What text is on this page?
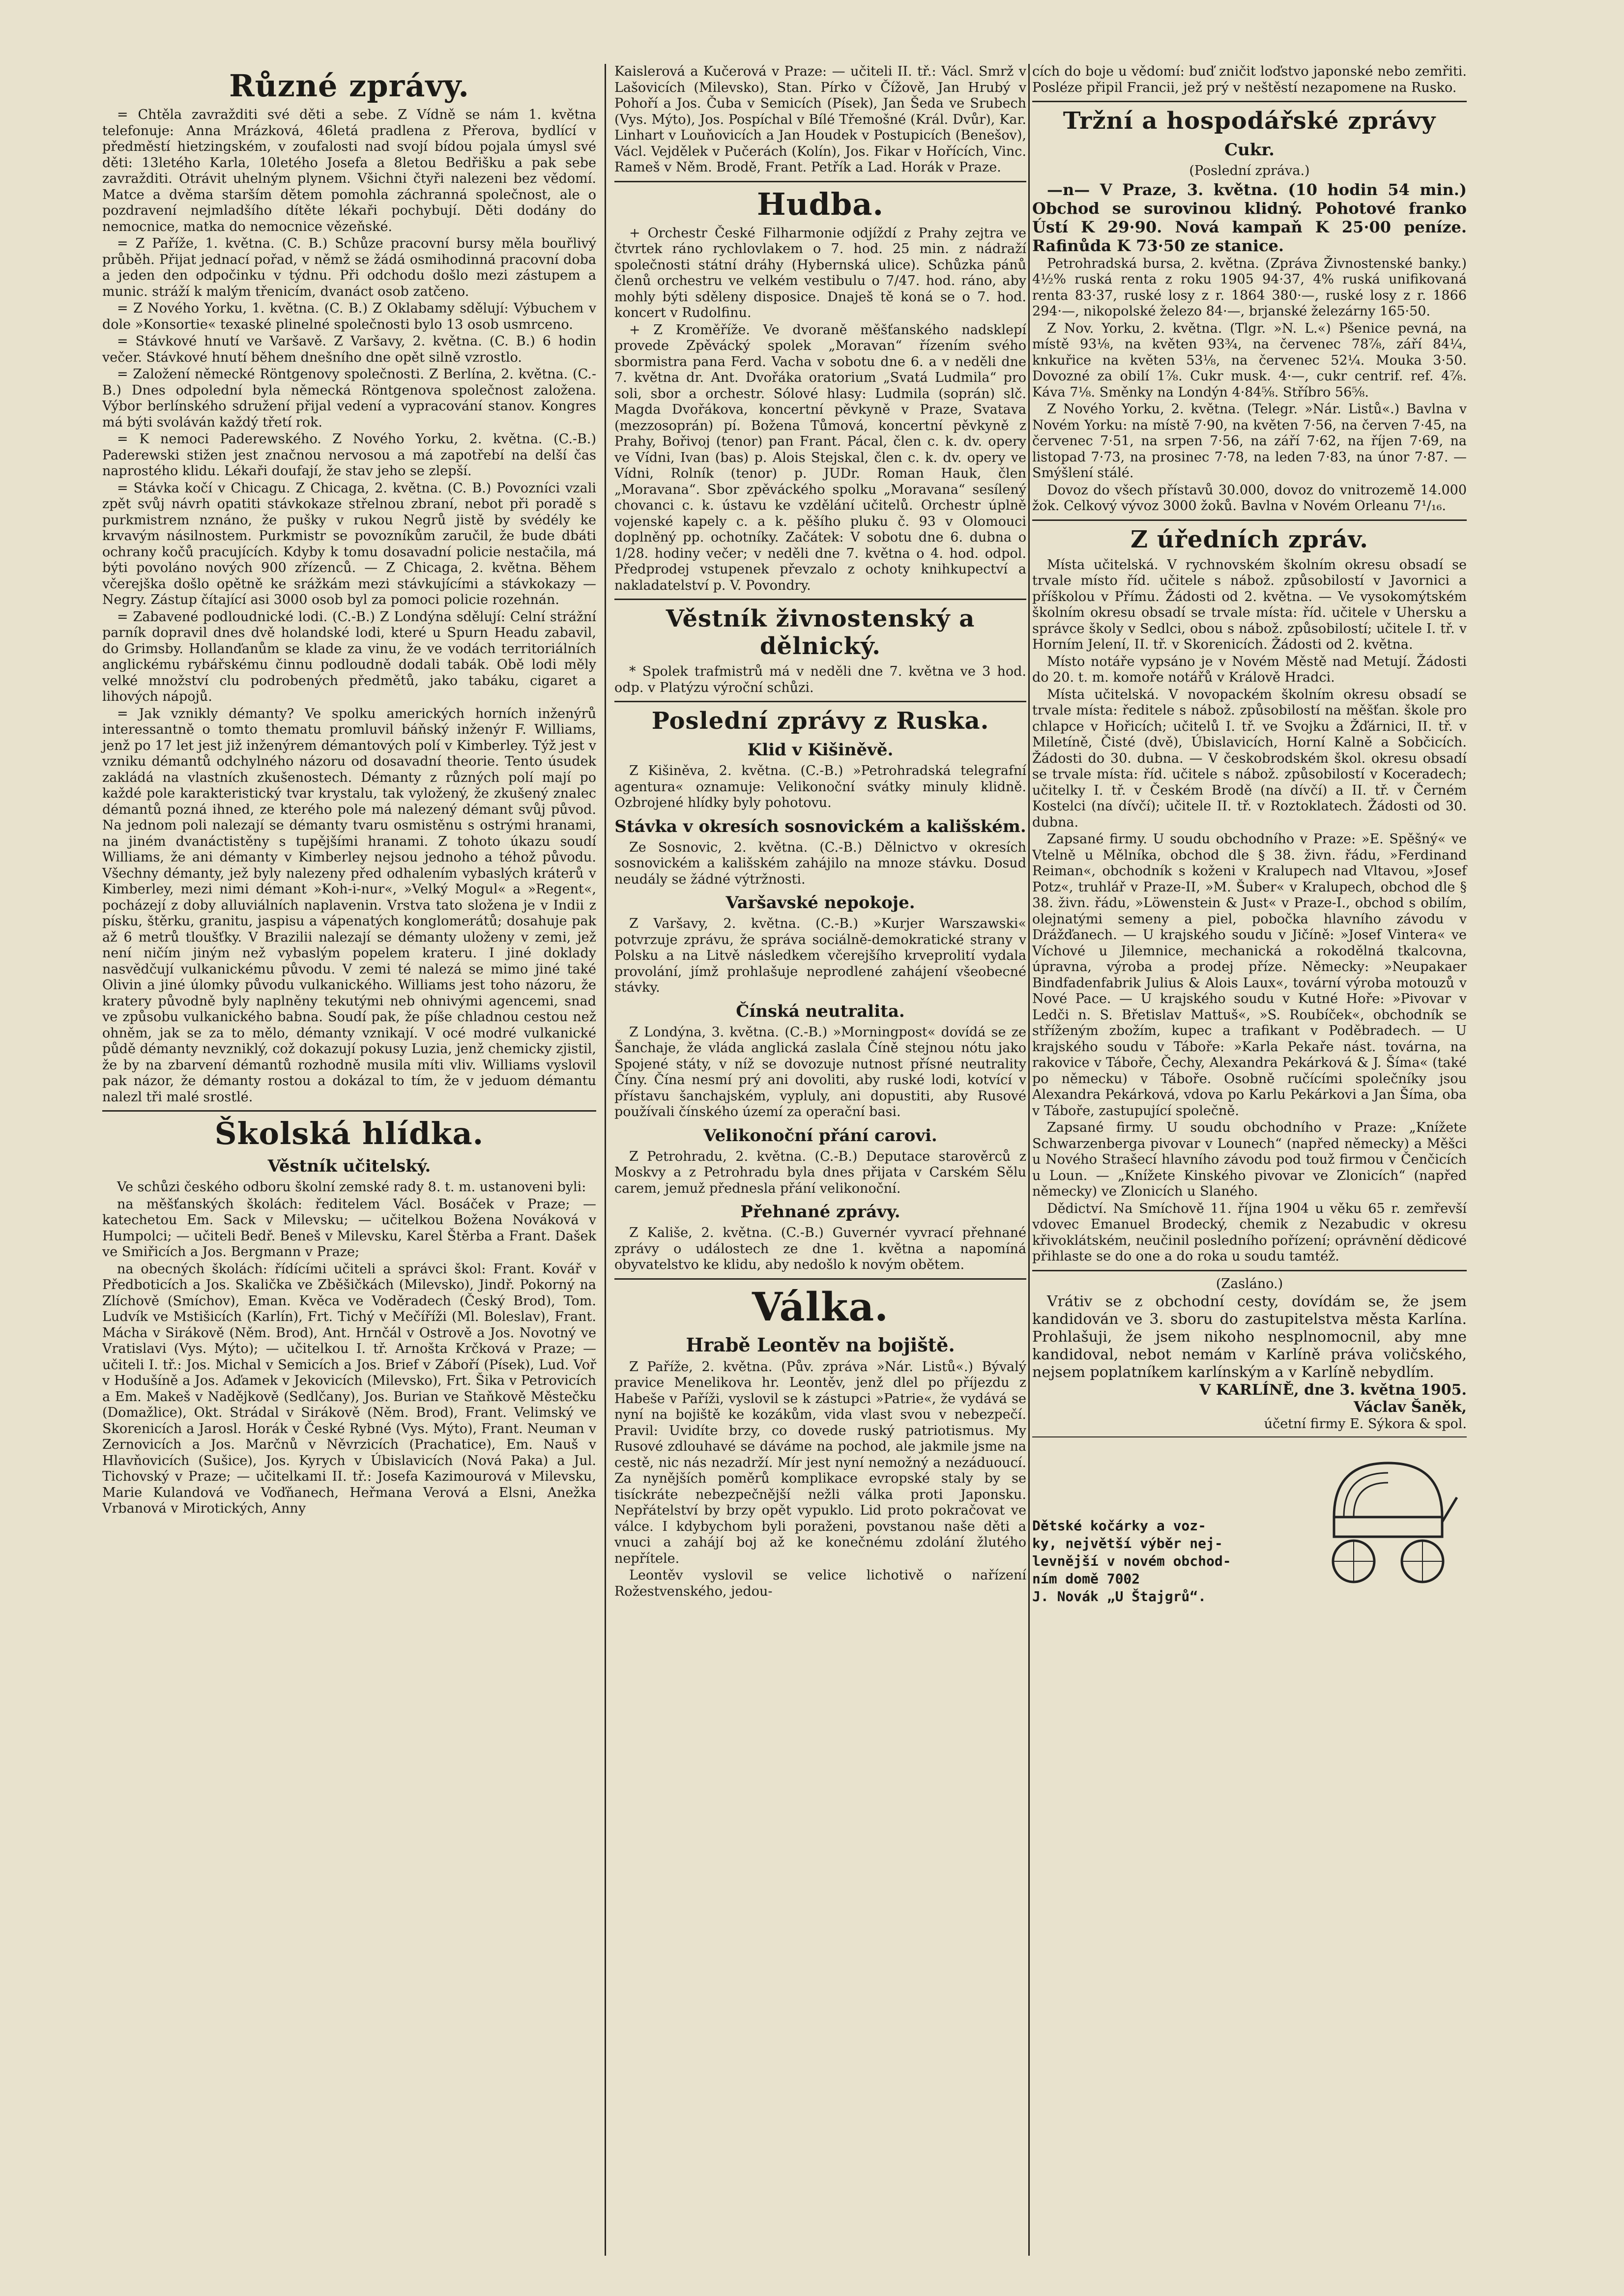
Různé zprávy.

= Chtěla zavražditi své děti a sebe. Z Vídně se nám 1. května telefonuje: Anna Mrázková, 46letá pradlena z Přerova, bydlící v předměstí hietzingském, v zoufalosti nad svojí bídou pojala úmysl své děti: 13letého Karla, 10letého Josefa a 8letou Bedřišku a pak sebe zavražditi. Otrávit uhelným plynem. Všichni čtyři nalezeni bez vědomí. Matce a dvěma starším dětem pomohla záchranná společnost, ale o pozdravení nejmladšího dítěte lékaři pochybují. Děti dodány do nemocnice, matka do nemocnice vězeňské.

= Z Paříže, 1. května. (C. B.) Schůze pracovní bursy měla bouřlivý průběh. Přijat jednací pořad, v němž se žádá osmihodinná pracovní doba a jeden den odpočinku v týdnu. Při odchodu došlo mezi zástupem a munic. stráží k malým třenicím, dvanáct osob zatčeno.

= Z Nového Yorku, 1. května. (C. B.) Z Oklabamy sdělují: Výbuchem v dole »Konsortie« texaské plinelné společnosti bylo 13 osob usmrceno.

= Stávkové hnutí ve Varšavě. Z Varšavy, 2. května. (C. B.) 6 hodin večer. Stávkové hnutí během dnešního dne opět silně vzrostlo.

= Založení německé Röntgenovy společnosti. Z Berlína, 2. května. (C.-B.) Dnes odpolední byla německá Röntgenova společnost založena. Výbor berlínského sdružení přijal vedení a vypracování stanov. Kongres má býti svoláván každý třetí rok.

= K nemoci Paderewského. Z Nového Yorku, 2. května. (C.-B.) Paderewski stižen jest značnou nervosou a má zapotřebí na delší čas naprostého klidu. Lékaři doufají, že stav jeho se zlepší.

= Stávka kočí v Chicagu. Z Chicaga, 2. května. (C. B.) Povozníci vzali zpět svůj návrh opatiti stávkokaze střelnou zbraní, nebot při poradě s purkmistrem nznáno, že pušky v rukou Negrů jistě by svédély ke krvavým násilnostem. Purkmistr se povozníkům zaručil, že bude dbáti ochrany kočů pracujících. Kdyby k tomu dosavadní policie nestačila, má býti povoláno nových 900 zřízenců. — Z Chicaga, 2. května. Během včerejška došlo opětně ke srážkám mezi stávkujícími a stávkokazy — Negry. Zástup čítající asi 3000 osob byl za pomoci policie rozehnán.

= Zabavené podloudnické lodi. (C.-B.) Z Londýna sdělují: Celní strážní parník dopravil dnes dvě holandské lodi, které u Spurn Headu zabavil, do Grimsby. Hollanďanům se klade za vinu, že ve vodách territoriálních anglickému rybářskému činnu podloudně dodali tabák. Obě lodi měly velké množství clu podrobených předmětů, jako tabáku, cigaret a lihových nápojů.

= Jak vznikly démanty? Ve spolku amerických horních inženýrů interessantně o tomto thematu promluvil báňský inženýr F. Williams, jenž po 17 let jest již inženýrem démantových polí v Kimberley. Týž jest v vzniku démantů odchylného názoru od dosavadní theorie. Tento úsudek zakládá na vlastních zkušenostech. Démanty z různých polí mají po každé pole karakteristický tvar krystalu, tak vyložený, že zkušený znalec démantů pozná ihned, ze kterého pole má nalezený démant svůj původ. Na jednom poli nalezají se démanty tvaru osmistěnu s ostrými hranami, na jiném dvanáctistěny s tupějšími hranami. Z tohoto úkazu soudí Williams, že ani démanty v Kimberley nejsou jednoho a téhož původu. Všechny démanty, jež byly nalezeny před odhalením vybaslých kráterů v Kimberley, mezi nimi démant »Koh-i-nur«, »Velký Mogul« a »Regent«, pocházejí z doby alluviálních naplavenin. Vrstva tato složena je v Indii z písku, štěrku, granitu, jaspisu a vápenatých konglomerátů; dosahuje pak až 6 metrů tloušťky. V Brazilii nalezají se démanty uloženy v zemi, jež není ničím jiným než vybaslým popelem krateru. I jiné doklady nasvědčují vulkanickému původu. V zemi té nalezá se mimo jiné také Olivin a jiné úlomky původu vulkanického. Williams jest toho názoru, že kratery původně byly naplněny tekutými neb ohnivými agencemi, snad ve způsobu vulkanického babna. Soudí pak, že píše chladnou cestou než ohněm, jak se za to mělo, démanty vznikají. V océ modré vulkanické půdě démanty nevzniklý, což dokazují pokusy Luzia, jenž chemicky zjistil, že by na zbarvení démantů rozhodně musila míti vliv. Williams vyslovil pak názor, že démanty rostou a dokázal to tím, že v jeduom démantu nalezl tři malé srostlé.

Školská hlídka.
Věstník učitelský.

Ve schůzi českého odboru školní zemské rady 8. t. m. ustanoveni byli:

na měšťanských školách: ředitelem Václ. Bosáček v Praze; — katechetou Em. Sack v Milevsku; — učitelkou Božena Nováková v Humpolci; — učiteli Bedř. Beneš v Milevsku, Karel Štěrba a Frant. Dašek ve Smiřicích a Jos. Bergmann v Praze;

na obecných školách: řídícími učiteli a správci škol: Frant. Kovář v Předboticích a Jos. Skalička ve Zběšičkách (Milevsko), Jindř. Pokorný na Zlíchově (Smíchov), Eman. Kvěca ve Voděradech (Český Brod), Tom. Ludvík ve Mstišicích (Karlín), Frt. Tichý v Mečíříži (Ml. Boleslav), Frant. Mácha v Sirákově (Něm. Brod), Ant. Hrnčál v Ostrově a Jos. Novotný ve Vratislavi (Vys. Mýto); — učitelkou I. tř. Arnošta Krčková v Praze; — učiteli I. tř.: Jos. Michal v Semicích a Jos. Brief v Záboří (Písek), Lud. Voř v Hodušíně a Jos. Aďamek v Jekovicích (Milevsko), Frt. Šika v Petrovicích a Em. Makeš v Nadějkově (Sedlčany), Jos. Burian ve Staňkově Městečku (Domažlice), Okt. Strádal v Sirákově (Něm. Brod), Frant. Velimský ve Skorenicích a Jarosl. Horák v České Rybné (Vys. Mýto), Frant. Neuman v Zernovicích a Jos. Marčnů v Něvrzicích (Prachatice), Em. Nauš v Hlavňovicích (Sušice), Jos. Kyrych v Úbislavicích (Nová Paka) a Jul. Tichovský v Praze; — učitelkami II. tř.: Josefa Kazimourová v Milevsku, Marie Kulandová ve Voďňanech, Heřmana Verová a Elsni, Anežka Vrbanová v Mirotických, Anny

Kaislerová a Kučerová v Praze: — učiteli II. tř.: Václ. Smrž v Lašovicích (Milevsko), Stan. Pírko v Čížově, Jan Hrubý v Pohoří a Jos. Čuba v Semicích (Písek), Jan Šeda ve Srubech (Vys. Mýto), Jos. Pospíchal v Bílé Třemošné (Král. Dvůr), Kar. Linhart v Louňovicích a Jan Houdek v Postupicích (Benešov), Václ. Vejdělek v Pučerách (Kolín), Jos. Fikar v Hořících, Vinc. Rameš v Něm. Brodě, Frant. Petřík a Lad. Horák v Praze.

Hudba.

+ Orchestr České Filharmonie odjíždí z Prahy zejtra ve čtvrtek ráno rychlovlakem o 7. hod. 25 min. z nádraží společnosti státní dráhy (Hybernská ulice). Schůzka pánů členů orchestru ve velkém vestibulu o 7/47. hod. ráno, aby mohly býti sděleny disposice. Dnaješ tě koná se o 7. hod. koncert v Rudolfinu.

+ Z Kroměříže. Ve dvoraně měšťanského nadsklepí provede Zpěvácký spolek „Moravan“ řízením svého sbormistra pana Ferd. Vacha v sobotu dne 6. a v neděli dne 7. května dr. Ant. Dvořáka oratorium „Svatá Ludmila“ pro soli, sbor a orchestr. Sólové hlasy: Ludmila (soprán) slč. Magda Dvořákova, koncertní pěvkyně v Praze, Svatava (mezzosoprán) pí. Božena Tůmová, koncertní pěvkyně z Prahy, Bořivoj (tenor) pan Frant. Pácal, člen c. k. dv. opery ve Vídni, Ivan (bas) p. Alois Stejskal, člen c. k. dv. opery ve Vídni, Rolník (tenor) p. JUDr. Roman Hauk, člen „Moravana“. Sbor zpěváckého spolku „Moravana“ sesílený chovanci c. k. ústavu ke vzdělání učitelů. Orchestr úplně vojenské kapely c. a k. pěšího pluku č. 93 v Olomouci doplněný pp. ochotníky. Začátek: V sobotu dne 6. dubna o 1/28. hodiny večer; v neděli dne 7. května o 4. hod. odpol. Předprodej vstupenek převzalo z ochoty knihkupectví a nakladatelství p. V. Povondry.

Věstník živnostenský a dělnický.

* Spolek trafmistrů má v neděli dne 7. května ve 3 hod. odp. v Platýzu výroční schůzi.

Poslední zprávy z Ruska.
Klid v Kišiněvě.

Z Kišiněva, 2. května. (C.-B.) »Petrohradská telegrafní agentura« oznamuje: Velikonoční svátky minuly klidně. Ozbrojené hlídky byly pohotovu.

Stávka v okresích sosnovickém a kališském.

Ze Sosnovic, 2. května. (C.-B.) Dělnictvo v okresích sosnovickém a kališském zahájilo na mnoze stávku. Dosud neudály se žádné výtržnosti.

Varšavské nepokoje.

Z Varšavy, 2. května. (C.-B.) »Kurjer Warszawski« potvrzuje zprávu, že správa sociálně-demokratické strany v Polsku a na Litvě následkem včerejšího krveprolití vydala provolání, jímž prohlašuje neprodlené zahájení všeobecné stávky.

Čínská neutralita.

Z Londýna, 3. května. (C.-B.) »Morningpost« dovídá se ze Šanchaje, že vláda anglická zaslala Číně stejnou nótu jako Spojené státy, v níž se dovozuje nutnost přísné neutrality Číny. Čína nesmí prý ani dovoliti, aby ruské lodi, kotvící v přístavu šanchajském, vypluly, ani dopustiti, aby Rusové používali čínského území za operační basi.

Velikonoční přání carovi.

Z Petrohradu, 2. května. (C.-B.) Deputace starověrců z Moskvy a z Petrohradu byla dnes přijata v Carském Sělu carem, jemuž přednesla přání velikonoční.

Přehnané zprávy.

Z Kališe, 2. května. (C.-B.) Guvernér vyvrací přehnané zprávy o událostech ze dne 1. května a napomíná obyvatelstvo ke klidu, aby nedošlo k novým obětem.

Válka.
Hrabě Leontěv na bojiště.

Z Paříže, 2. května. (Pův. zpráva »Nár. Listů«.) Bývalý pravice Menelikova hr. Leontěv, jenž dlel po příjezdu z Habeše v Paříži, vyslovil se k zástupci »Patrie«, že vydává se nyní na bojiště ke kozákům, vida vlast svou v nebezpečí. Pravil: Uvidíte brzy, co dovede ruský patriotismus. My Rusové zdlouhavé se dáváme na pochod, ale jakmile jsme na cestě, nic nás nezadrží. Mír jest nyní nemožný a nezáduoucí. Za nynějších poměrů komplikace evropské staly by se tisíckráte nebezpečnější nežli válka proti Japonsku. Nepřátelství by brzy opět vypuklo. Lid proto pokračovat ve válce. I kdybychom byli poraženi, povstanou naše děti a vnuci a zahájí boj až ke konečnému zdolání žlutého nepřítele.

Leontěv vyslovil se velice lichotivě o nařízení Rožestvenského, jedou-

cích do boje u vědomí: buď zničit loďstvo japonské nebo zemřiti. Posléze připil Francii, jež prý v neštěstí nezapomene na Rusko.

Tržní a hospodářské zprávy
Cukr.

(Poslední zpráva.)

—n— V Praze, 3. května. (10 hodin 54 min.) Obchod se surovinou klidný. Pohotové franko Ústí K 29·90. Nová kampaň K 25·00 peníze. Rafinůda K 73·50 ze stanice.

Petrohradská bursa, 2. května. (Zpráva Živnostenské banky.) 4½% ruská renta z roku 1905 94·37, 4% ruská unifikovaná renta 83·37, ruské losy z r. 1864 380·—, ruské losy z r. 1866 294·—, nikopolské železo 84·—, brjanské železárny 165·50.

Z Nov. Yorku, 2. května. (Tlgr. »N. L.«) Pšenice pevná, na místě 93⅛, na květen 93¾, na červenec 78⅞, září 84¼, knkuřice na květen 53⅛, na červenec 52¼. Mouka 3·50. Dovozné za obilí 1⅞. Cukr musk. 4·—, cukr centrif. ref. 4⅞. Káva 7⅛. Směnky na Londýn 4·84⅝. Stříbro 56⅝.

Z Nového Yorku, 2. května. (Telegr. »Nár. Listů«.) Bavlna v Novém Yorku: na místě 7·90, na květen 7·56, na červen 7·45, na červenec 7·51, na srpen 7·56, na září 7·62, na říjen 7·69, na listopad 7·73, na prosinec 7·78, na leden 7·83, na únor 7·87. — Smýšlení stálé.

Dovoz do všech přístavů 30.000, dovoz do vnitrozemě 14.000 žok. Celkový vývoz 3000 žoků. Bavlna v Novém Orleanu 7¹/₁₆.

Z úředních zpráv.

Místa učitelská. V rychnovském školním okresu obsadí se trvale místo říd. učitele s nábož. způsobilostí v Javornici a příškolou v Přímu. Žádosti od 2. května. — Ve vysokomýtském školním okresu obsadí se trvale místa: říd. učitele v Uhersku a správce školy v Sedlci, obou s nábož. způsobilostí; učitele I. tř. v Horním Jelení, II. tř. v Skorenicích. Žádosti od 2. května.

Místo notáře vypsáno je v Novém Městě nad Metují. Žádosti do 20. t. m. komoře notářů v Králově Hradci.

Místa učitelská. V novopackém školním okresu obsadí se trvale místa: ředitele s nábož. způsobilostí na měšťan. škole pro chlapce v Hořicích; učitelů I. tř. ve Svojku a Žďárnici, II. tř. v Miletíně, Čisté (dvě), Úbislavicích, Horní Kalně a Sobčicích. Žádosti do 30. dubna. — V českobrodském škol. okresu obsadí se trvale místa: říd. učitele s nábož. způsobilostí v Koceradech; učitelky I. tř. v Českém Brodě (na dívčí) a II. tř. v Černém Kostelci (na dívčí); učitele II. tř. v Roztoklatech. Žádosti od 30. dubna.

Zapsané firmy. U soudu obchodního v Praze: »E. Spěšný« ve Vtelně u Mělníka, obchod dle § 38. živn. řádu, »Ferdinand Reiman«, obchodník s koženi v Kralupech nad Vltavou, »Josef Potz«, truhlář v Praze-II, »M. Šuber« v Kralupech, obchod dle § 38. živn. řádu, »Löwenstein & Just« v Praze-I., obchod s obilím, olejnatými semeny a piel, pobočka hlavního závodu v Drážďanech. — U krajského soudu v Jičíně: »Josef Vintera« ve Víchové u Jilemnice, mechanická a rokodělná tkalcovna, úpravna, výroba a prodej příze. Německy: »Neupakaer Bindfadenfabrik Julius & Alois Laux«, tovární výroba motouzů v Nové Pace. — U krajského soudu v Kutné Hoře: »Pivovar v Ledči n. S. Břetislav Mattuš«, »S. Roubíček«, obchodník se stříženým zbožím, kupec a trafikant v Poděbradech. — U krajského soudu v Táboře: »Karla Pekaře nást. továrna, na rakovice v Táboře, Čechy, Alexandra Pekárková & J. Šíma« (také po německu) v Táboře. Osobně ručícími společníky jsou Alexandra Pekárková, vdova po Karlu Pekárkovi a Jan Šíma, oba v Táboře, zastupující společně.

Zapsané firmy. U soudu obchodního v Praze: „Knížete Schwarzenberga pivovar v Lounech“ (napřed německy) a Měšci u Nového Strašecí hlavního závodu pod touž firmou v Čenčicích u Loun. — „Knížete Kinského pivovar ve Zlonicích“ (napřed německy) ve Zlonicích u Slaného.

Dědictví. Na Smíchově 11. října 1904 u věku 65 r. zemřevší vdovec Emanuel Brodecký, chemik z Nezabudic v okresu křivoklátském, neučinil posledního pořízení; oprávnění dědicové přihlaste se do one a do roka u soudu tamtéž.

(Zasláno.)

Vrátiv se z obchodní cesty, dovídám se, že jsem kandidován ve 3. sboru do zastupitelstva města Karlína. Prohlašuji, že jsem nikoho nesplnomocnil, aby mne kandidoval, nebot nemám v Karlíně práva voličského, nejsem poplatníkem karlínským a v Karlíně nebydlím.

V KARLÍNĚ, dne 3. května 1905.

Václav Šaněk,

účetní firmy E. Sýkora & spol.

Dětské kočárky a voz-
ky, největší výběr nej-
levnější v novém obchod-
ním domě 7002
J. Novák „U Štajgrů“.
